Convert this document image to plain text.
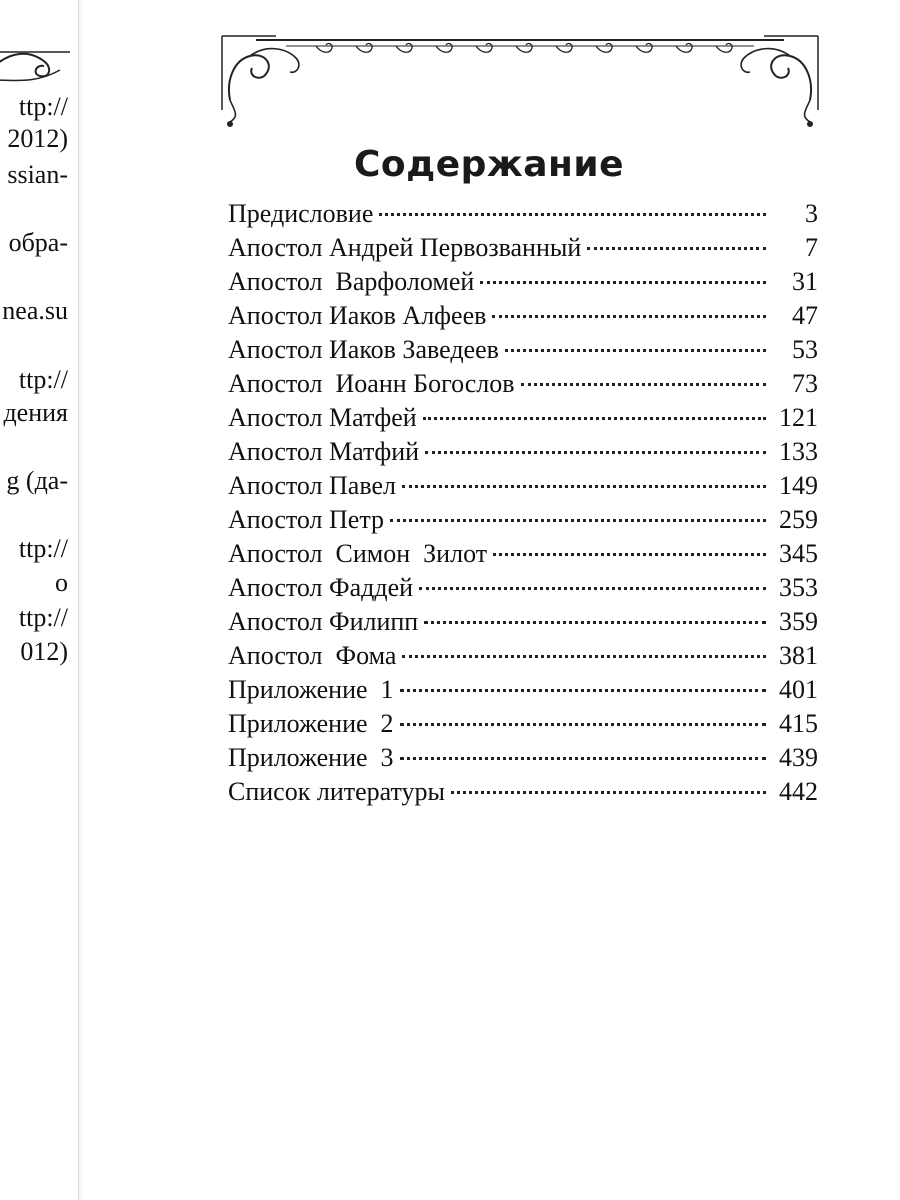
ttp://
2012)
ssian-
обра-
nea.su
ttp://
дения
g (да-
ttp://
o
ttp://
012)
Содержание
Предисловие	3
Апостол Андрей Первозванный	7
Апостол  Варфоломей	31
Апостол Иаков Алфеев	47
Апостол Иаков Заведеев	53
Апостол  Иоанн Богослов	73
Апостол Матфей	121
Апостол Матфий	133
Апостол Павел	149
Апостол Петр	259
Апостол  Симон  Зилот	345
Апостол Фаддей	353
Апостол Филипп	359
Апостол  Фома	381
Приложение  1	401
Приложение  2	415
Приложение  3	439
Список литературы	442
